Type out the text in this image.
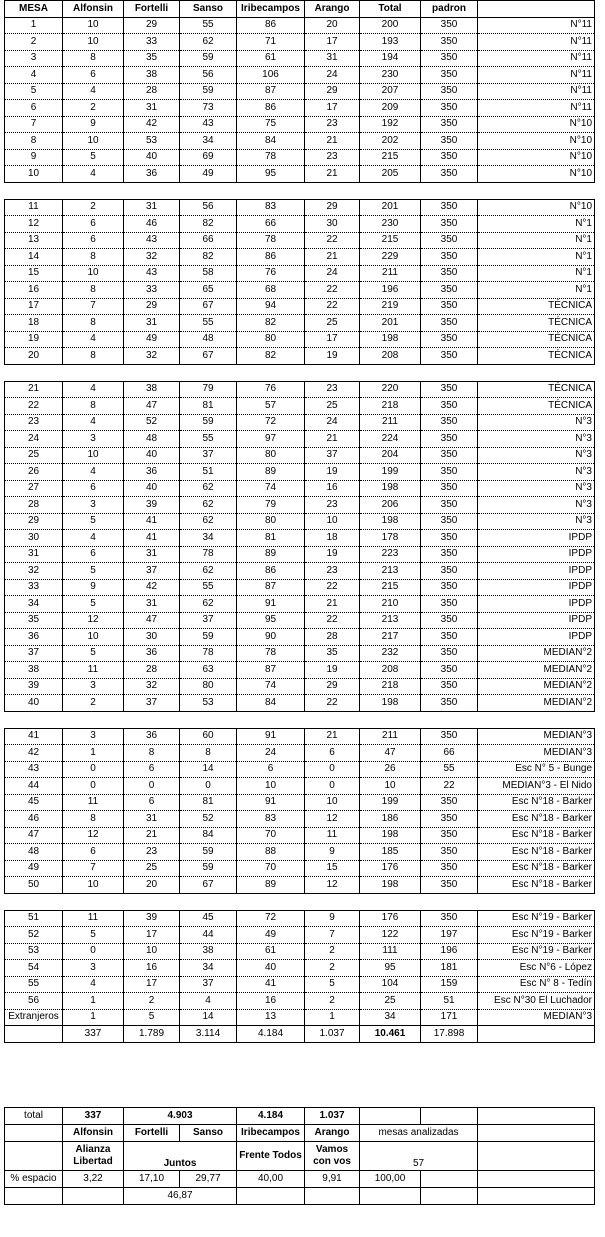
MESA	Alfonsin	Fortelli	Sanso	Iribecampos	Arango	Total	padron	
1	10	29	55	86	20	200	350	N°11
2	10	33	62	71	17	193	350	N°11
3	8	35	59	61	31	194	350	N°11
4	6	38	56	106	24	230	350	N°11
5	4	28	59	87	29	207	350	N°11
6	2	31	73	86	17	209	350	N°11
7	9	42	43	75	23	192	350	N°10
8	10	53	34	84	21	202	350	N°10
9	5	40	69	78	23	215	350	N°10
10	4	36	49	95	21	205	350	N°10

11	2	31	56	83	29	201	350	N°10
12	6	46	82	66	30	230	350	N°1
13	6	43	66	78	22	215	350	N°1
14	8	32	82	86	21	229	350	N°1
15	10	43	58	76	24	211	350	N°1
16	8	33	65	68	22	196	350	N°1
17	7	29	67	94	22	219	350	TÉCNICA
18	8	31	55	82	25	201	350	TÉCNICA
19	4	49	48	80	17	198	350	TÉCNICA
20	8	32	67	82	19	208	350	TÉCNICA

21	4	38	79	76	23	220	350	TÉCNICA
22	8	47	81	57	25	218	350	TÉCNICA
23	4	52	59	72	24	211	350	N°3
24	3	48	55	97	21	224	350	N°3
25	10	40	37	80	37	204	350	N°3
26	4	36	51	89	19	199	350	N°3
27	6	40	62	74	16	198	350	N°3
28	3	39	62	79	23	206	350	N°3
29	5	41	62	80	10	198	350	N°3
30	4	41	34	81	18	178	350	IPDP
31	6	31	78	89	19	223	350	IPDP
32	5	37	62	86	23	213	350	IPDP
33	9	42	55	87	22	215	350	IPDP
34	5	31	62	91	21	210	350	IPDP
35	12	47	37	95	22	213	350	IPDP
36	10	30	59	90	28	217	350	IPDP
37	5	36	78	78	35	232	350	MEDIAN°2
38	11	28	63	87	19	208	350	MEDIAN°2
39	3	32	80	74	29	218	350	MEDIAN°2
40	2	37	53	84	22	198	350	MEDIAN°2

41	3	36	60	91	21	211	350	MEDIAN°3
42	1	8	8	24	6	47	66	MEDIAN°3
43	0	6	14	6	0	26	55	Esc N° 5 - Bunge
44	0	0	0	10	0	10	22	MEDIAN°3 - El Nido
45	11	6	81	91	10	199	350	Esc N°18 - Barker
46	8	31	52	83	12	186	350	Esc N°18 - Barker
47	12	21	84	70	11	198	350	Esc N°18 - Barker
48	6	23	59	88	9	185	350	Esc N°18 - Barker
49	7	25	59	70	15	176	350	Esc N°18 - Barker
50	10	20	67	89	12	198	350	Esc N°18 - Barker

51	11	39	45	72	9	176	350	Esc N°19 - Barker
52	5	17	44	49	7	122	197	Esc N°19 - Barker
53	0	10	38	61	2	111	196	Esc N°19 - Barker
54	3	16	34	40	2	95	181	Esc N°6 - López
55	4	17	37	41	5	104	159	Esc N° 8 - Tedín
56	1	2	4	16	2	25	51	Esc N°30 El Luchador
Extranjeros	1	5	14	13	1	34	171	MEDIAN°3
	337	1.789	3.114	4.184	1.037	10.461	17.898	
total	337	4.903		4.184	1.037			
	Alfonsin	Fortelli	Sanso	Iribecampos	Arango	mesas analizadas		
	Alianza Libertad	Juntos		Frente Todos	Vamos con vos	57		
% espacio	3,22	17,10	29,77	40,00	9,91	100,00		
		46,87						
